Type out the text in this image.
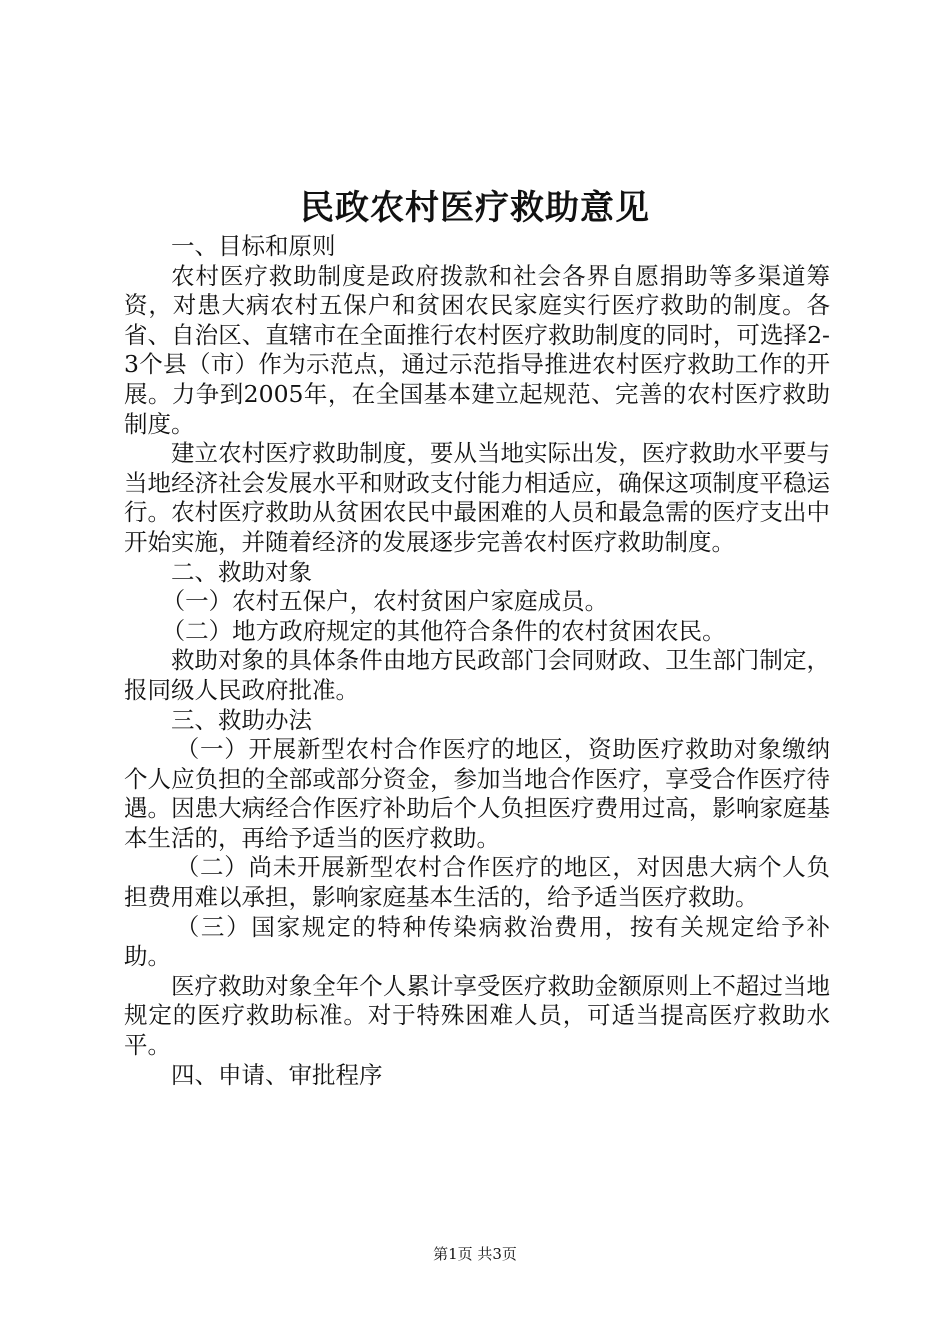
民政农村医疗救助意见

一、目标和原则

农村医疗救助制度是政府拨款和社会各界自愿捐助等多渠道筹资，对患大病农村五保户和贫困农民家庭实行医疗救助的制度。各省、自治区、直辖市在全面推行农村医疗救助制度的同时，可选择2-3个县（市）作为示范点，通过示范指导推进农村医疗救助工作的开展。力争到2005年，在全国基本建立起规范、完善的农村医疗救助制度。

建立农村医疗救助制度，要从当地实际出发，医疗救助水平要与当地经济社会发展水平和财政支付能力相适应，确保这项制度平稳运行。农村医疗救助从贫困农民中最困难的人员和最急需的医疗支出中开始实施，并随着经济的发展逐步完善农村医疗救助制度。

二、救助对象

（一）农村五保户，农村贫困户家庭成员。

（二）地方政府规定的其他符合条件的农村贫困农民。

救助对象的具体条件由地方民政部门会同财政、卫生部门制定，报同级人民政府批准。

三、救助办法

（一）开展新型农村合作医疗的地区，资助医疗救助对象缴纳个人应负担的全部或部分资金，参加当地合作医疗，享受合作医疗待遇。因患大病经合作医疗补助后个人负担医疗费用过高，影响家庭基本生活的，再给予适当的医疗救助。

（二）尚未开展新型农村合作医疗的地区，对因患大病个人负担费用难以承担，影响家庭基本生活的，给予适当医疗救助。

（三）国家规定的特种传染病救治费用，按有关规定给予补助。

医疗救助对象全年个人累计享受医疗救助金额原则上不超过当地规定的医疗救助标准。对于特殊困难人员，可适当提高医疗救助水平。

四、申请、审批程序

第1页 共3页
